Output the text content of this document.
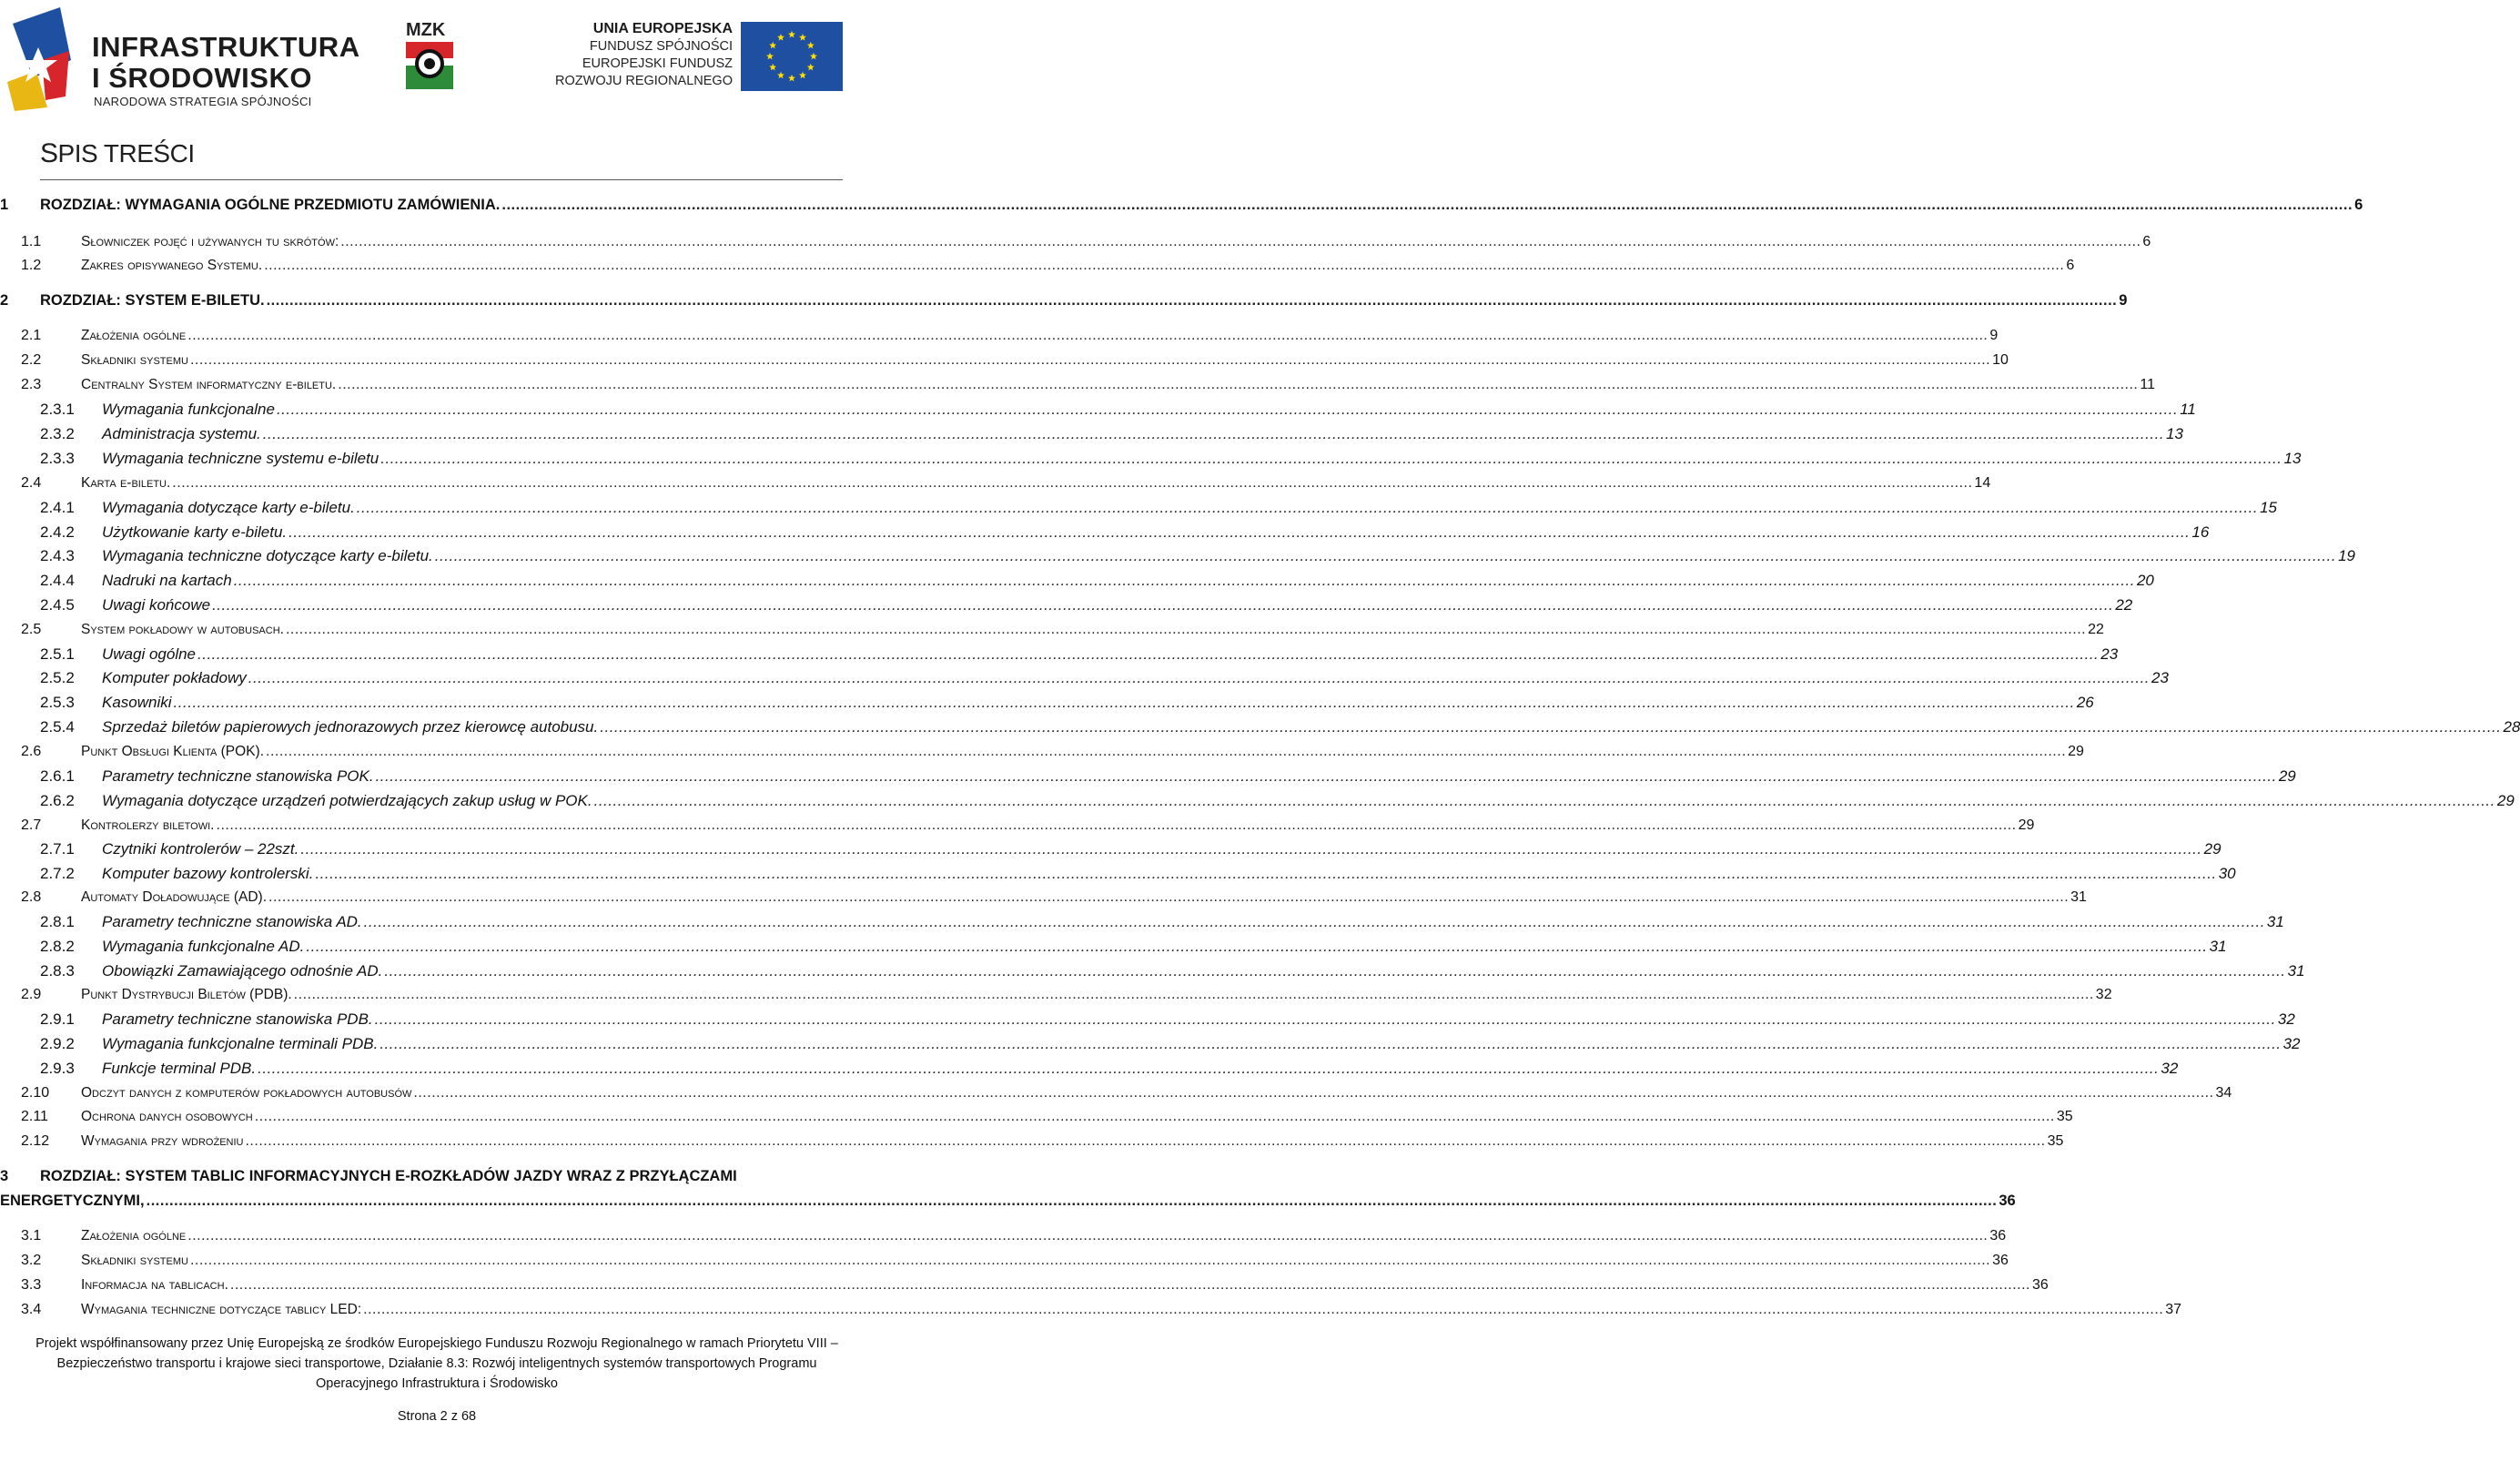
INFRASTRUKTURA
I ŚRODOWISKO
NARODOWA STRATEGIA SPÓJNOŚCI
MZK	UNIA EUROPEJSKA
FUNDUSZ SPÓJNOŚCI
EUROPEJSKI FUNDUSZ
ROZWOJU REGIONALNEGO
SPIS TREŚCI
1	ROZDZIAŁ: WYMAGANIA OGÓLNE PRZEDMIOTU ZAMÓWIENIA. ................................................................................................................................................................................................................................................................................................................................................................................................................ 6
1.1	Słowniczek pojęć i używanych tu skrótów: ................................................................................................................................................................................................................................................................................................................................................................................................................ 6
1.2	Zakres opisywanego Systemu. ................................................................................................................................................................................................................................................................................................................................................................................................................ 6
2	ROZDZIAŁ: SYSTEM E-BILETU. ................................................................................................................................................................................................................................................................................................................................................................................................................ 9
2.1	Założenia ogólne ................................................................................................................................................................................................................................................................................................................................................................................................................ 9
2.2	Składniki systemu ................................................................................................................................................................................................................................................................................................................................................................................................................ 10
2.3	Centralny System informatyczny e-biletu. ................................................................................................................................................................................................................................................................................................................................................................................................................ 11
2.3.1	Wymagania funkcjonalne ................................................................................................................................................................................................................................................................................................................................................................................................................ 11
2.3.2	Administracja systemu. ................................................................................................................................................................................................................................................................................................................................................................................................................ 13
2.3.3	Wymagania techniczne systemu e-biletu ................................................................................................................................................................................................................................................................................................................................................................................................................ 13
2.4	Karta e-biletu. ................................................................................................................................................................................................................................................................................................................................................................................................................ 14
2.4.1	Wymagania dotyczące karty e-biletu. ................................................................................................................................................................................................................................................................................................................................................................................................................ 15
2.4.2	Użytkowanie karty e-biletu. ................................................................................................................................................................................................................................................................................................................................................................................................................ 16
2.4.3	Wymagania techniczne dotyczące karty e-biletu. ................................................................................................................................................................................................................................................................................................................................................................................................................ 19
2.4.4	Nadruki na kartach ................................................................................................................................................................................................................................................................................................................................................................................................................ 20
2.4.5	Uwagi końcowe ................................................................................................................................................................................................................................................................................................................................................................................................................ 22
2.5	System pokładowy w autobusach. ................................................................................................................................................................................................................................................................................................................................................................................................................ 22
2.5.1	Uwagi ogólne ................................................................................................................................................................................................................................................................................................................................................................................................................ 23
2.5.2	Komputer pokładowy ................................................................................................................................................................................................................................................................................................................................................................................................................ 23
2.5.3	Kasowniki ................................................................................................................................................................................................................................................................................................................................................................................................................ 26
2.5.4	Sprzedaż biletów papierowych jednorazowych przez kierowcę autobusu. ................................................................................................................................................................................................................................................................................................................................................................................................................ 28
2.6	Punkt Obsługi Klienta (POK). ................................................................................................................................................................................................................................................................................................................................................................................................................ 29
2.6.1	Parametry techniczne stanowiska POK. ................................................................................................................................................................................................................................................................................................................................................................................................................ 29
2.6.2	Wymagania dotyczące urządzeń potwierdzających zakup usług w POK. ................................................................................................................................................................................................................................................................................................................................................................................................................ 29
2.7	Kontrolerzy biletowi. ................................................................................................................................................................................................................................................................................................................................................................................................................ 29
2.7.1	Czytniki kontrolerów – 22szt. ................................................................................................................................................................................................................................................................................................................................................................................................................ 29
2.7.2	Komputer bazowy kontrolerski. ................................................................................................................................................................................................................................................................................................................................................................................................................ 30
2.8	Automaty Doładowujące (AD). ................................................................................................................................................................................................................................................................................................................................................................................................................ 31
2.8.1	Parametry techniczne stanowiska AD. ................................................................................................................................................................................................................................................................................................................................................................................................................ 31
2.8.2	Wymagania funkcjonalne AD. ................................................................................................................................................................................................................................................................................................................................................................................................................ 31
2.8.3	Obowiązki Zamawiającego odnośnie AD. ................................................................................................................................................................................................................................................................................................................................................................................................................ 31
2.9	Punkt Dystrybucji Biletów (PDB). ................................................................................................................................................................................................................................................................................................................................................................................................................ 32
2.9.1	Parametry techniczne stanowiska PDB. ................................................................................................................................................................................................................................................................................................................................................................................................................ 32
2.9.2	Wymagania funkcjonalne terminali PDB. ................................................................................................................................................................................................................................................................................................................................................................................................................ 32
2.9.3	Funkcje terminal PDB. ................................................................................................................................................................................................................................................................................................................................................................................................................ 32
2.10	Odczyt danych z komputerów pokładowych autobusów ................................................................................................................................................................................................................................................................................................................................................................................................................ 34
2.11	Ochrona danych osobowych ................................................................................................................................................................................................................................................................................................................................................................................................................ 35
2.12	Wymagania przy wdrożeniu ................................................................................................................................................................................................................................................................................................................................................................................................................ 35
3 ROZDZIAŁ: SYSTEM TABLIC INFORMACYJNYCH E-ROZKŁADÓW JAZDY WRAZ Z PRZYŁĄCZAMI
ENERGETYCZNYMI, ................................................................................................................................................................................................................................................................................................................................................................................................................ 36
3.1	Założenia ogólne ................................................................................................................................................................................................................................................................................................................................................................................................................ 36
3.2	Składniki systemu ................................................................................................................................................................................................................................................................................................................................................................................................................ 36
3.3	Informacja na tablicach. ................................................................................................................................................................................................................................................................................................................................................................................................................ 36
3.4	Wymagania techniczne dotyczące tablicy LED: ................................................................................................................................................................................................................................................................................................................................................................................................................ 37
Projekt współfinansowany przez Unię Europejską ze środków Europejskiego Funduszu Rozwoju Regionalnego w ramach Priorytetu VIII –
Bezpieczeństwo transportu i krajowe sieci transportowe, Działanie 8.3: Rozwój inteligentnych systemów transportowych Programu
Operacyjnego Infrastruktura i Środowisko
Strona 2 z 68
